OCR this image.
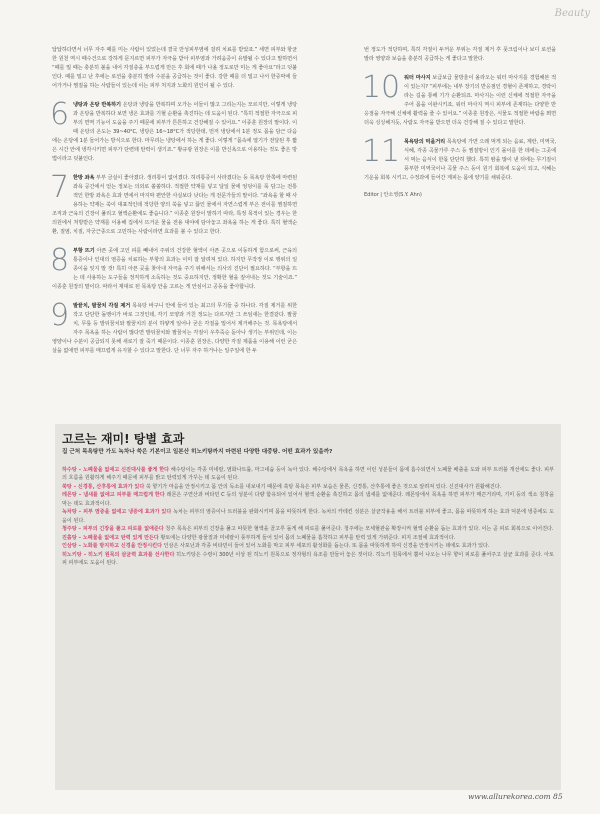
Beauty

답답하다면서 너무 자주 때를 미는 사람이 있었는데 결국 만성피부염에 걸려 치료를 받았죠.” 세면 피부와 항균한 원천 역시 때수건으로 강하게 문지르면 피부가 자극을 받아 피부염과 가려움증이 유발될 수 있다고 말하면서 “때를 밀 때는 충분히 불을 내어 각질층을 부드럽게 만든 후 회에 때가 나올 정도로만 미는 게 좋아요”라고 덧붙인다. 때를 밀고 난 후에는 로션을 충분히 발라 수분을 공급하는 것이 좋다. 강한 때를 더 밀고 나서 한증막에 들어가거나 찜질을 하는 사람들이 있는데 이는 피부 처지과 노화의 원인이 될 수 있다.

6 냉탕과 온탕 반복하기 온탕과 냉탕을 반복하며 오가는 이들이 많고 그리는지는 모르지만, 이렇게 냉탕과 온탕을 반복하다 보면 냉온 효과를 기혈 순환을 촉진하는 데 도움이 된다. “특히 적절한 자극으로 피부의 면역 기능이 도움을 주기 때문에 피부가 튼튼하고 건강해질 수 있어요.” 이종훈 원장의 말이다. 이때 온탕의 온도는 39~40°C, 냉탕은 16~18°C가 적당한데, 먼저 냉탕에서 1분 정도 몸을 담근 다음에는 온탕에 1분 들어가는 방식으로 한다. 마무리는 냉탕에서 하는 게 좋다. 이렇게 “몸속에 열기가 전달된 후 짧은 시간 안에 냉각시키면 피부가 단련돼 탄력이 생기죠.” 황규광 원장은 이를 반신욕으로 이용하는 것도 좋은 방법이라고 덧붙인다.
7 한방 좌욕 부부 금실이 좋아졌다. 생리통이 없어졌다. 허리통증이 사라졌다는 등 목욕탕 한쪽에 마련된 좌욕 공간에서 얻는 정보는 의외로 쏠쏠하다. 적절한 약재를 넣고 달일 물에 엉덩이를 푹 담그는 전통적인 한방 좌욕은 효과 면에서 마지막 편안한 사실보다 낫다는 게 전문가들의 말이다. “좌욕을 할 때 사용하는 약재는 쑥이 대표적인데 적당한 양의 쑥을 넣고 끓인 물에서 자연스럽게 부은 전이를 찜질하면 조직과 근육의 긴장이 풀리고 혈액순환에도 좋습니다.” 이종훈 원장이 말하기 따라, 특정 목적이 있는 경우는 한의원에서 처방받은 약재를 이용해 집에서 뜨거운 물을 전용 대야에 담아놓고 좌욕을 하는 게 좋다. 특히 혈액순환, 질염, 치질, 자궁근종으로 고민하는 사람이라면 효과를 볼 수 있다고 한다.
8 부항 뜨기 아픈 곳에 고인 피를 빼내어 주위의 건강한 혈액이 아픈 곳으로 이동하게 함으로써, 근육의 통증이나 인대의 염증을 치료하는 부항의 효과는 이미 잘 알려져 있다. 하지만 무작정 이로 행위의 일종이을 잊지 말 것! 특히 아픈 곳을 찾아내 자극을 주기 위해서는 의사의 진단이 필요하다. “부항을 뜨는 데 사용하는 도구들을 정직하게 소독하는 것도 중요하지만, 정확한 혈을 짚어내는 것도 기술이죠.” 이종훈 원장의 말이다. 따라서 제대로 된 목욕탕 안을 고르는 게 안심이고 공동을 좋아합니다.
9 발끝치, 팔꿈치 각질 제거 목욕탕 바구니 안에 들어 있는 최고의 무기들 중 하나다. 각질 제거를 위한 작고 단단한 돌멩이가 바로 그것인데, 각기 모양과 거친 정도는 다르지만 그 쓰임새는 한결같다. 팔꿈치, 무릎 등 발뒤꿈치와 팔꿈치의 분이 하얗게 일어나 굳은 각질을 밀어서 제거해주는 것. 목욕탕에서 자주 목욕을 하는 사람이 많다면 발뒤꿈치와 팔꿈치는 각질이 우후죽순 돋아나 생기는 부위인데, 이는 영양이나 수분이 공급되지 못해 새로기 잘 죽기 때문이다. 이종훈 원장은, 다양한 각질 제품을 이용해 이런 굳은 살을 없애면 피부를 매끄럽게 유지할 수 있다고 말한다. 단 너무 자주 하거나는 일주일에 한 두

번 정도가 적당하며, 특히 각질이 두꺼운 부위는 각질 제거 후 풋크림이나 보디 로션을 발라 영양과 보습을 충분히 공급하는 게 좋다고 말한다.

10 워터 마사지 보급보급 물방울이 올라오는 워터 마사지를 경험해본 적이 있는지? “피부에는 내부 장기의 반응점인 경혈이 존재하고, 경락이라는 길을 통해 기가 순환되죠. 마사지는 이런 신체에 적절한 자극을 주어 몸을 이완시키죠, 워터 마사지 역시 피부에 존재하는 다양한 반응점을 자극해 신체에 활력을 줄 수 있어요.” 이종훈 원장은, 식물도 적절한 바람을 쬐면 더욱 싱싱해지듯, 사람도 자극을 받으면 더욱 건강해 질 수 있다고 말한다.
11 목욕탕의 먹을거리 목욕탕에 가면 으레 먹게 되는 음료, 계란, 미역국, 식혜, 각종 곡물가루 주스 등 찜질방이 인기 몰이를 한 데에는 그곳에서 먹는 음식이 한몫 단단히 했다. 특히 땀을 많이 낸 뒤에는 무기질이 풍부한 미역국이나 곡물 주스 등이 원기 회복에 도움이 되고, 식혜는 기운을 회복 시키고, 수정과에 들어간 계피는 몸에 양기를 채워준다.
Editor | 안소영(S.Y. Ahn)
고르는 재미! 탕별 효과
집 근처 목욕탕만 가도 녹차나 쑥은 기본이고 일본산 히노키탕까지 마련된 다양한 대중탕. 어떤 효과가 있을까?

하수탕 – 노폐물을 없애고 신진대사를 좋게 한다 해수탕이는 각종 미네랄, 염화나트륨, 마그네슘 등이 녹아 있다. 해수탕에서 목욕을 하면 이런 성분들이 몸에 흡수되면서 노폐물 배출을 도와 피부 트러블 개선에도 좋다. 피부의 흐름을 원활하게 해주기 때문에 피부를 밝고 탄력있게 가꾸는 데 도움이 된다.

쑥탕 – 신경통, 산후통에 효과가 있다 쑥 향기가 마음을 안정시키고 몸 안의 독소를 내보내기 때문에 쑥탕 목욕은 피부 보습은 물론, 신경통, 산후통에 좋은 것으로 알려져 있다. 신진대사가 원활해진다.

레몬탕 – 냄새를 없애고 피부를 매끄럽게 한다 레몬은 구연산과 비타민 C 등의 성분이 다량 함유되어 있어서 혈액 순환을 촉진하고 몸의 냄새를 없애준다. 레몬탕에서 목욕을 하면 피부가 매끈거리며, 기미 등의 색소 침착을 막는 데도 효과적이다.

녹차탕 – 피부 염증을 없애고 냉증에 효과가 있다 녹차는 피부의 염증이나 트러블을 완화시키며 몸을 따뜻하게 한다. 녹차의 카테킨 성분은 살균작용을 해서 트러블 피부에 좋고, 몸을 따뜻하게 하는 효과 덕분에 냉증에도 도움이 된다.

청주탕 – 피부의 긴장을 풀고 피로를 없애준다 청주 목욕은 피부의 긴장을 풀고 따뜻한 혈액을 골고루 돌게 해 피로를 풀어준다. 청주에는 모세혈관을 확장시켜 혈액 순환을 돕는 효과가 있다. 이는 곧 피로 회복으로 이어진다.

진흙탕 – 노폐물을 없애고 탄력 있게 만든다 황토에는 다양한 광물질과 미네랄이 풍부하게 들어 있어 몸의 노폐물을 흡착하고 피부를 탄력 있게 가꿔준다. 피지 조절에 효과적이다.

인삼탕 – 노화를 방지하고 신경을 안정시킨다 인삼은 사포닌과 각종 비타민이 들어 있어 노화를 막고 피부 세포의 활성화를 돕는다. 또 몸을 따뜻하게 하여 신경을 안정시키는 데에도 효과가 있다.

히노키탕 – 히노키 원목의 살균력 효과를 선사한다 히노키탕은 수령이 300년 이상 된 히노키 원목으로 정자형의 욕조를 만들어 놓은 것이다. 히노키 원목에서 뿜어 나오는 나무 향이 피로를 풀어주고 살균 효과를 준다. 아토피 피부에도 도움이 된다.

www.allurekorea.com 85
